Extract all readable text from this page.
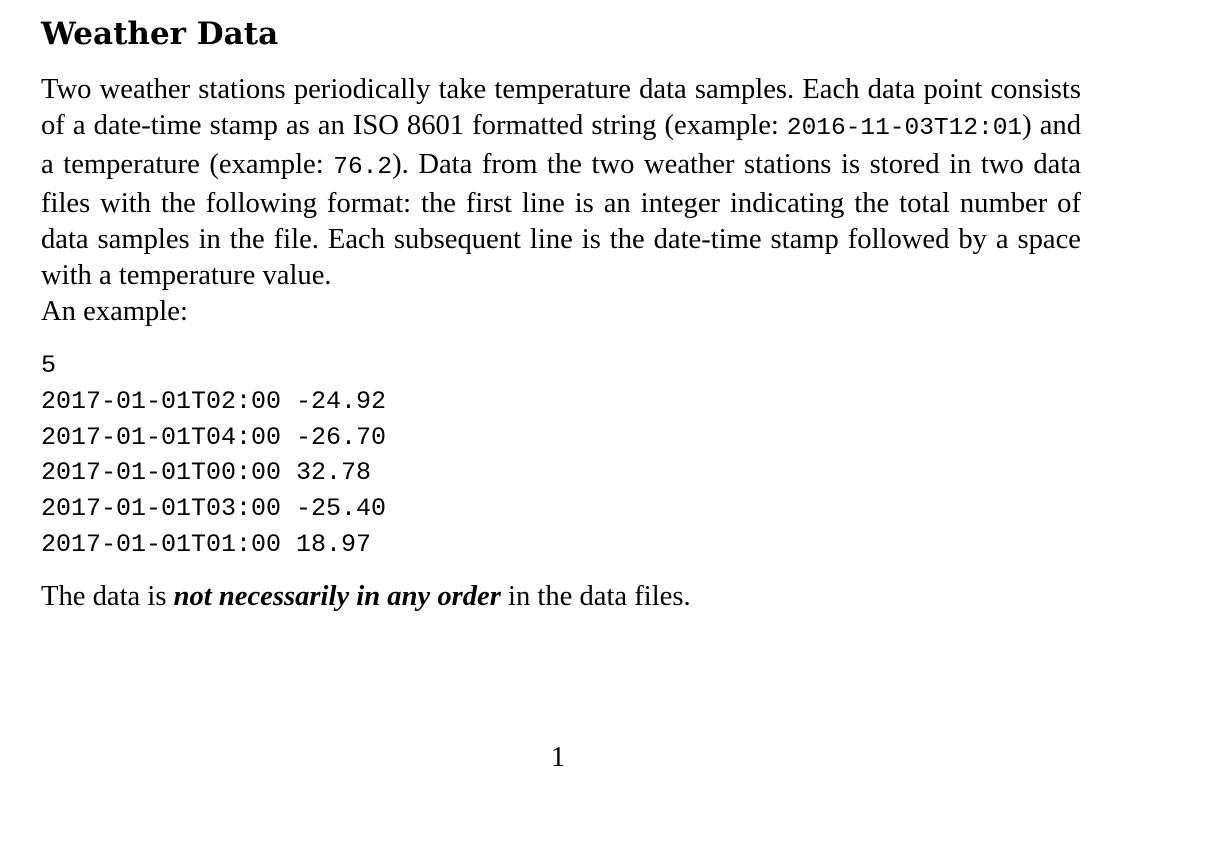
Weather Data

Two weather stations periodically take temperature data samples. Each data point consists of a date-time stamp as an ISO 8601 formatted string (example: 2016-11-03T12:01) and a temperature (example: 76.2). Data from the two weather stations is stored in two data files with the following format: the first line is an integer indicating the total number of data samples in the file. Each subsequent line is the date-time stamp followed by a space with a temperature value.

An example:

5
2017-01-01T02:00 -24.92
2017-01-01T04:00 -26.70
2017-01-01T00:00 32.78
2017-01-01T03:00 -25.40
2017-01-01T01:00 18.97

The data is not necessarily in any order in the data files.

1
